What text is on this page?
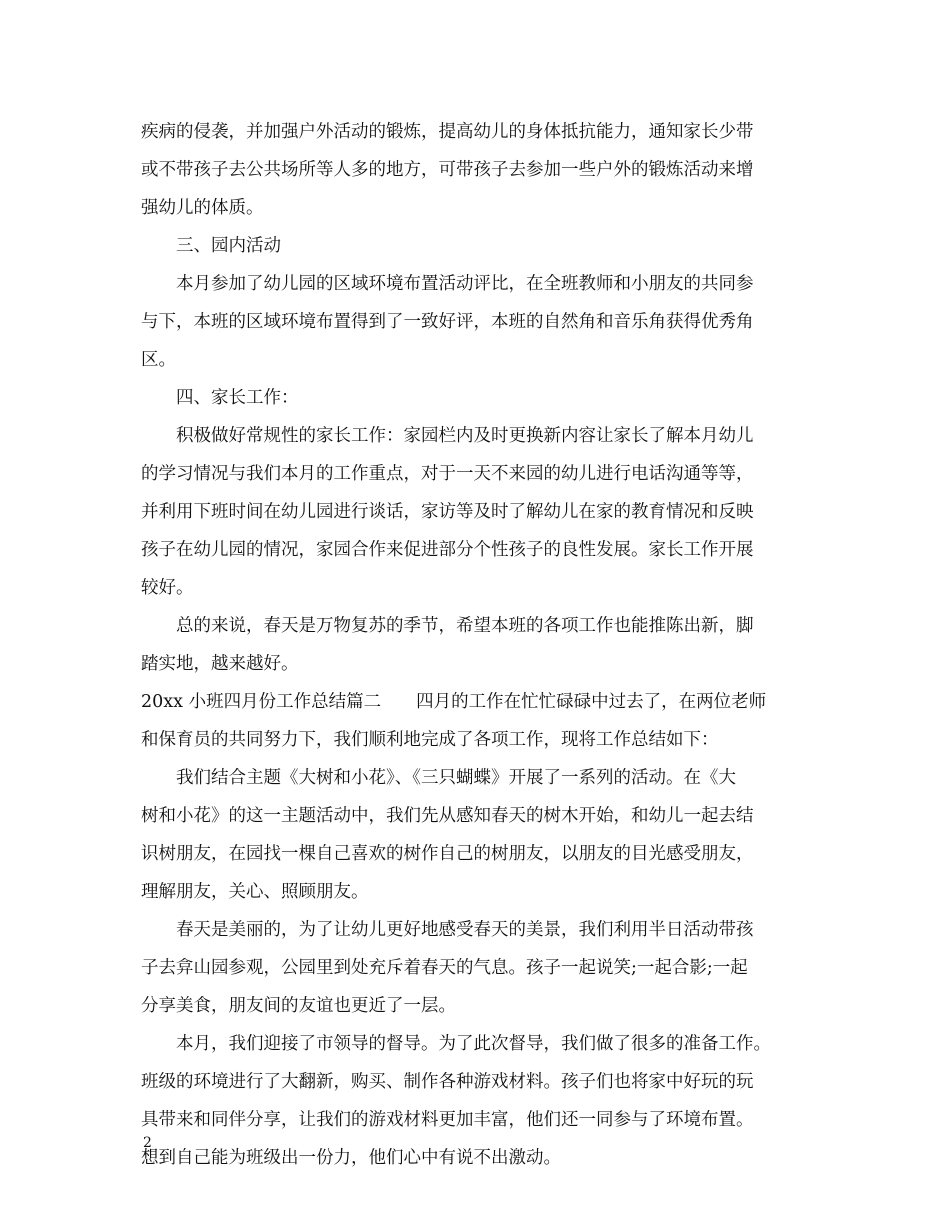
疾病的侵袭，并加强户外活动的锻炼，提高幼儿的身体抵抗能力，通知家长少带
或不带孩子去公共场所等人多的地方，可带孩子去参加一些户外的锻炼活动来增
强幼儿的体质。
三、园内活动
本月参加了幼儿园的区域环境布置活动评比，在全班教师和小朋友的共同参
与下，本班的区域环境布置得到了一致好评，本班的自然角和音乐角获得优秀角
区。
四、家长工作：
积极做好常规性的家长工作：家园栏内及时更换新内容让家长了解本月幼儿
的学习情况与我们本月的工作重点，对于一天不来园的幼儿进行电话沟通等等，
并利用下班时间在幼儿园进行谈话，家访等及时了解幼儿在家的教育情况和反映
孩子在幼儿园的情况，家园合作来促进部分个性孩子的良性发展。家长工作开展
较好。
总的来说，春天是万物复苏的季节，希望本班的各项工作也能推陈出新，脚
踏实地，越来越好。
20xx 小班四月份工作总结篇二　　四月的工作在忙忙碌碌中过去了，在两位老师
和保育员的共同努力下，我们顺利地完成了各项工作，现将工作总结如下：
我们结合主题《大树和小花》、《三只蝴蝶》开展了一系列的活动。在《大
树和小花》的这一主题活动中，我们先从感知春天的树木开始，和幼儿一起去结
识树朋友，在园找一棵自己喜欢的树作自己的树朋友，以朋友的目光感受朋友，
理解朋友，关心、照顾朋友。
春天是美丽的，为了让幼儿更好地感受春天的美景，我们利用半日活动带孩
子去弇山园参观，公园里到处充斥着春天的气息。孩子一起说笑;一起合影;一起
分享美食，朋友间的友谊也更近了一层。
本月，我们迎接了市领导的督导。为了此次督导，我们做了很多的准备工作。
班级的环境进行了大翻新，购买、制作各种游戏材料。孩子们也将家中好玩的玩
具带来和同伴分享，让我们的游戏材料更加丰富，他们还一同参与了环境布置。
想到自己能为班级出一份力，他们心中有说不出激动。
2
